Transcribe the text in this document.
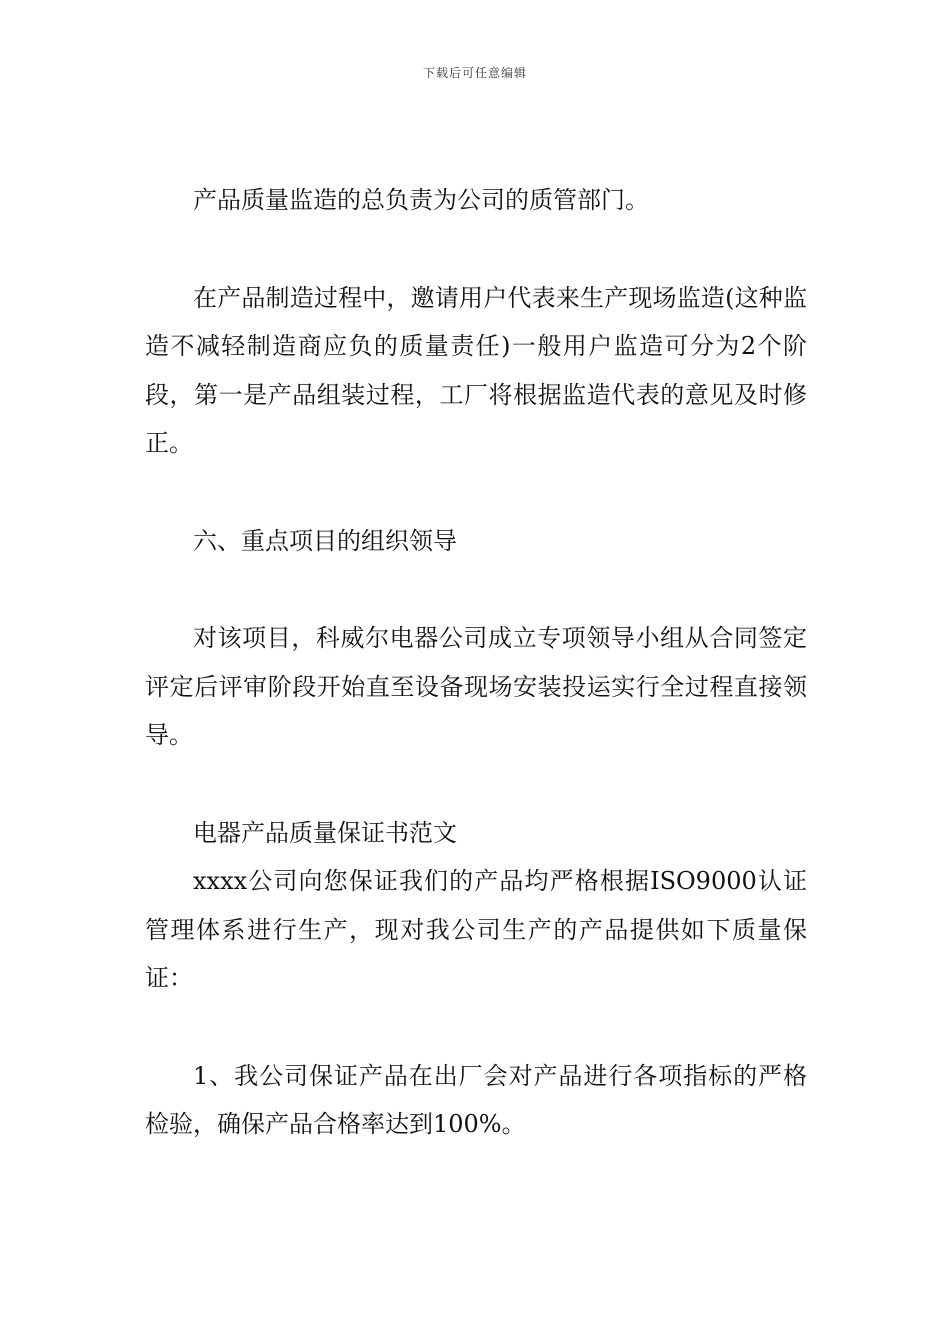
下载后可任意编辑

产品质量监造的总负责为公司的质管部门。

在产品制造过程中，邀请用户代表来生产现场监造(这种监造不减轻制造商应负的质量责任)一般用户监造可分为2个阶段，第一是产品组装过程，工厂将根据监造代表的意见及时修正。

六、重点项目的组织领导

对该项目，科威尔电器公司成立专项领导小组从合同签定评定后评审阶段开始直至设备现场安装投运实行全过程直接领导。

电器产品质量保证书范文

xxxx公司向您保证我们的产品均严格根据ISO9000认证管理体系进行生产，现对我公司生产的产品提供如下质量保证：

1、我公司保证产品在出厂会对产品进行各项指标的严格检验，确保产品合格率达到100%。
